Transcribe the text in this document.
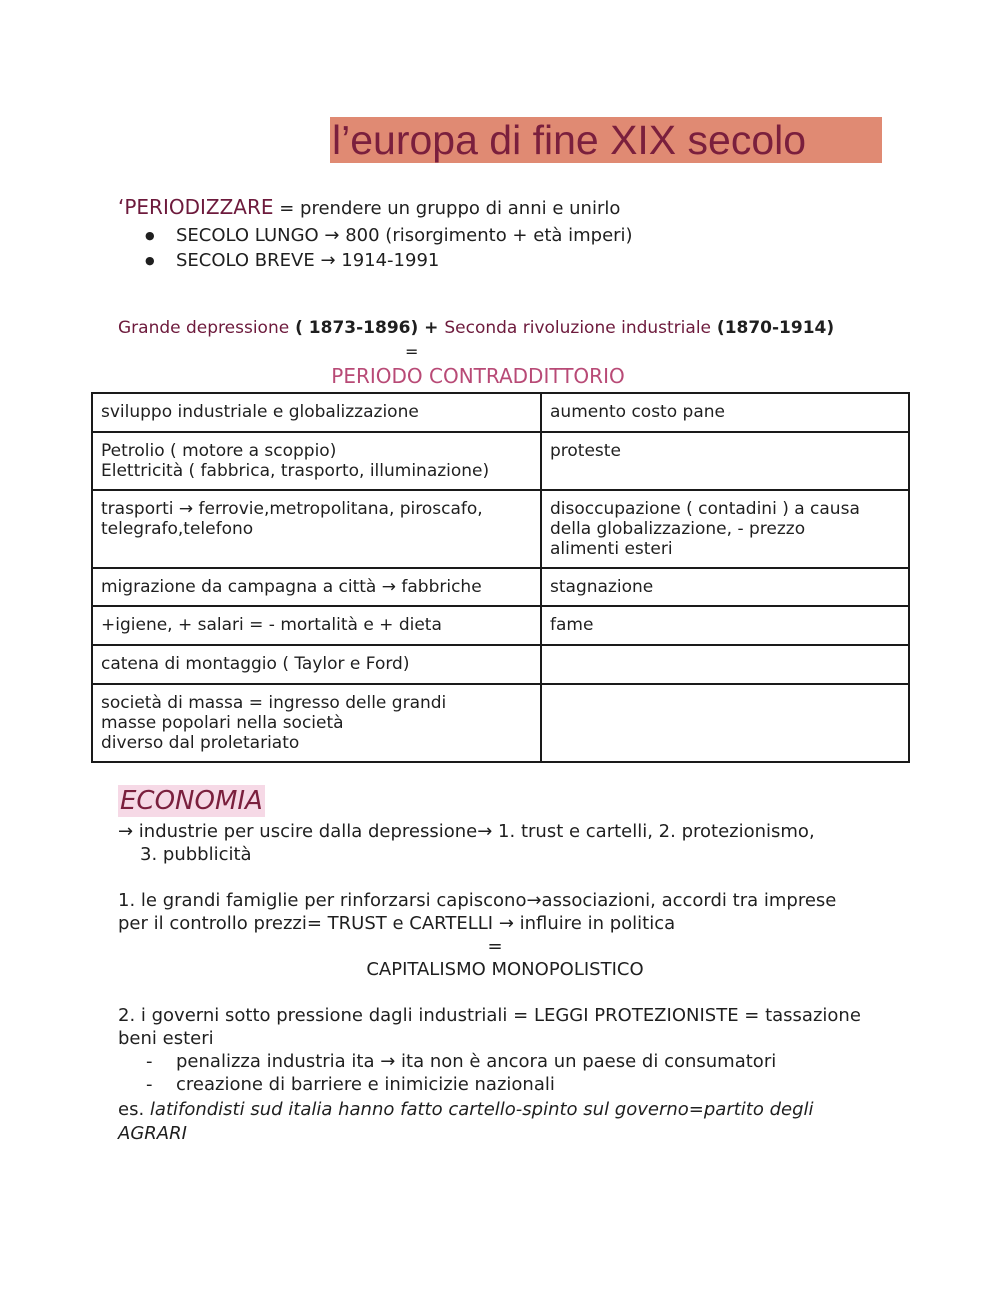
l’europa di fine XIX secolo
‘PERIODIZZARE = prendere un gruppo di anni e unirlo
● SECOLO LUNGO → 800 (risorgimento + età imperi)
● SECOLO BREVE → 1914-1991
Grande depressione ( 1873-1896) + Seconda rivoluzione industriale (1870-1914)
=
PERIODO CONTRADDITTORIO
sviluppo industriale e globalizzazione	aumento costo pane
Petrolio ( motore a scoppio)
Elettricità ( fabbrica, trasporto, illuminazione)	proteste
trasporti → ferrovie,metropolitana, piroscafo,
telegrafo,telefono	disoccupazione ( contadini ) a causa
della globalizzazione, - prezzo
alimenti esteri
migrazione da campagna a città → fabbriche	stagnazione
+igiene, + salari = - mortalità e + dieta	fame
catena di montaggio ( Taylor e Ford)	
società di massa = ingresso delle grandi
masse popolari nella società
diverso dal proletariato	
ECONOMIA
→ industrie per uscire dalla depressione→ 1. trust e cartelli, 2. protezionismo,
3. pubblicità
1. le grandi famiglie per rinforzarsi capiscono→associazioni, accordi tra imprese
per il controllo prezzi= TRUST e CARTELLI → influire in politica
=
CAPITALISMO MONOPOLISTICO
2. i governi sotto pressione dagli industriali = LEGGI PROTEZIONISTE = tassazione
beni esteri
- penalizza industria ita → ita non è ancora un paese di consumatori
- creazione di barriere e inimicizie nazionali
es. latifondisti sud italia hanno fatto cartello-spinto sul governo=partito degli
AGRARI
